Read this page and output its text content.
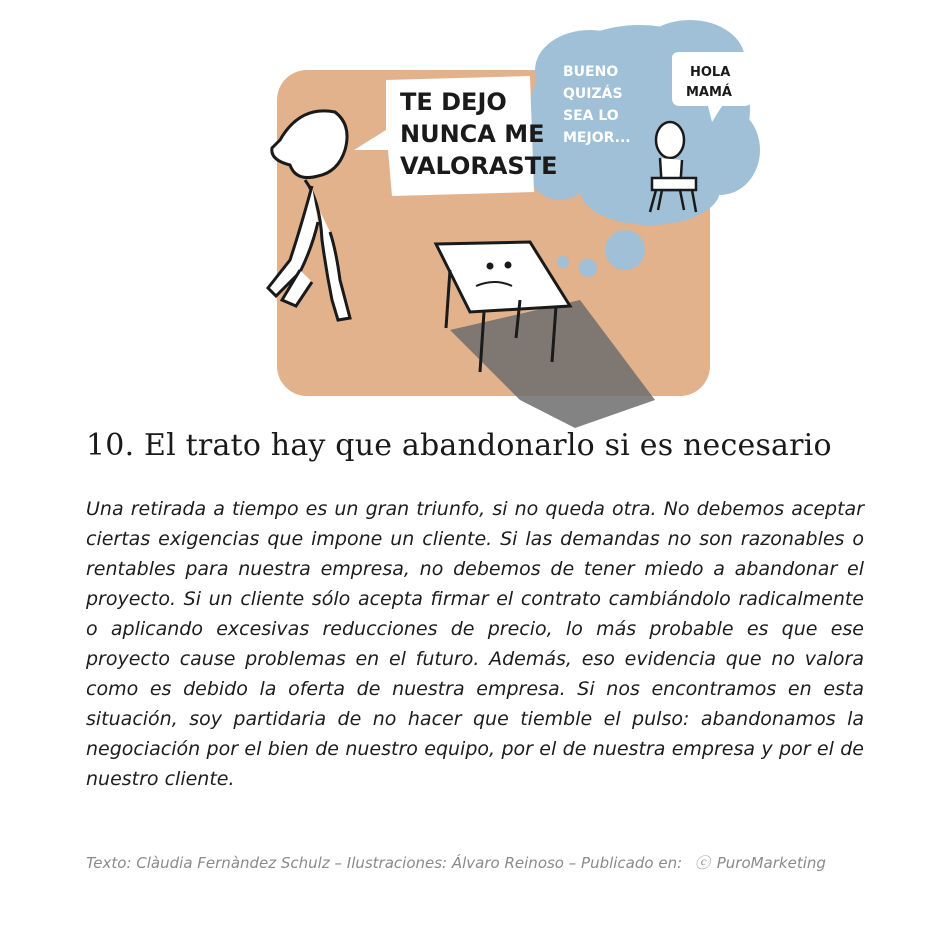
BUENO QUIZÁS SEA LO MEJOR...
HOLA MAMÁ
TE DEJO NUNCA ME VALORASTE
10. El trato hay que abandonarlo si es necesario
Una retirada a tiempo es un gran triunfo, si no queda otra. No debemos aceptar ciertas exigencias que impone un cliente. Si las demandas no son razonables o rentables para nuestra empresa, no debemos de tener miedo a abandonar el proyecto. Si un cliente sólo acepta firmar el contrato cambiándolo radicalmente o aplicando excesivas reducciones de precio, lo más probable es que ese proyecto cause problemas en el futuro. Además, eso evidencia que no valora como es debido la oferta de nuestra empresa. Si nos encontramos en esta situación, soy partidaria de no hacer que tiemble el pulso: abandonamos la negociación por el bien de nuestro equipo, por el de nuestra empresa y por el de nuestro cliente.
Texto: Clàudia Fernàndez Schulz – Ilustraciones: Álvaro Reinoso – Publicado en: ⓒ PuroMarketing
